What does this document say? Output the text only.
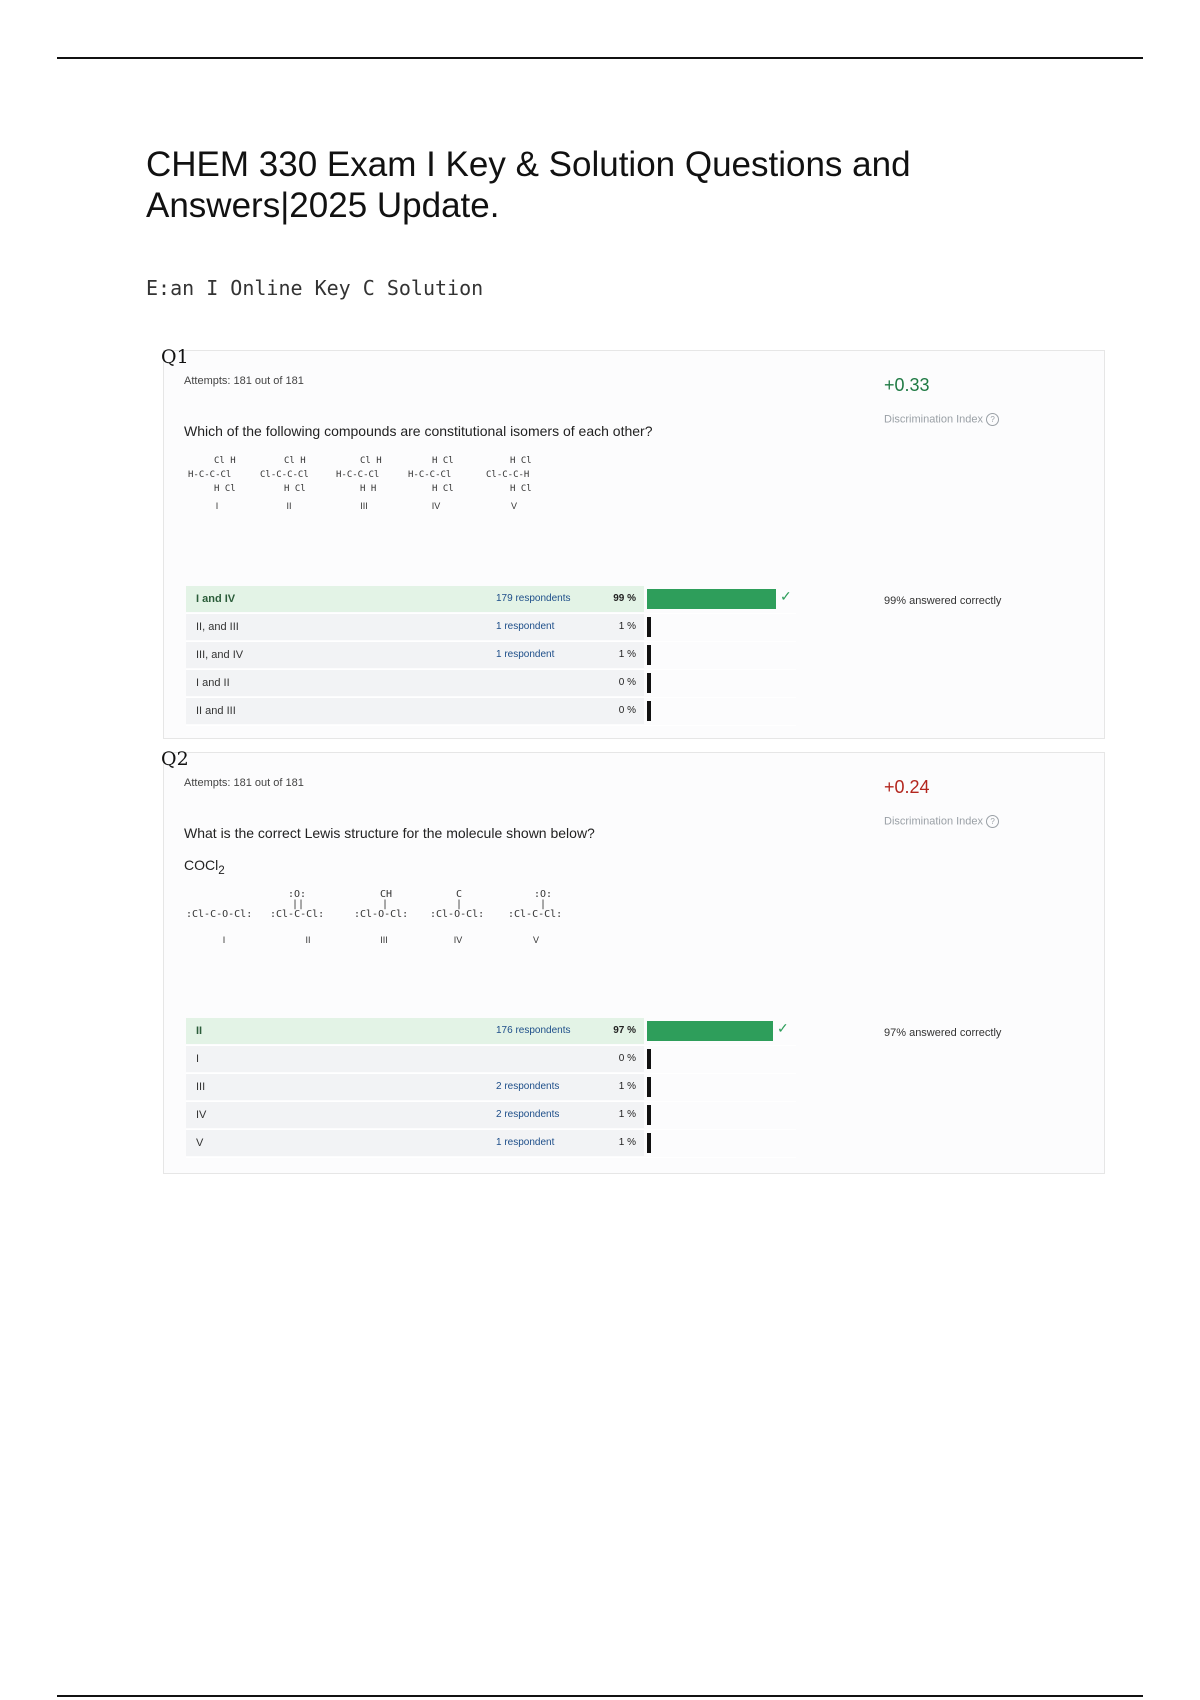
CHEM 330 Exam I Key & Solution Questions and Answers|2025 Update.
E:an I Online Key C Solution
Q1
Attempts: 181 out of 181	+0.33
Discrimination Index ?
Which of the following compounds are constitutional isomers of each other?
Cl H
H-C-C-Cl
H Cl
Cl H
Cl-C-C-Cl
H Cl
Cl H
H-C-C-Cl
H H
H Cl
H-C-C-Cl
H Cl
H Cl
Cl-C-C-H
H Cl
I	II	III	IV	V
99% answered correctly
I and IV	179 respondents	99 %	✓
II, and III	1 respondent	1 %
III, and IV	1 respondent	1 %
I and II	0 %
II and III	0 %
Q2
Attempts: 181 out of 181	+0.24
Discrimination Index ?
What is the correct Lewis structure for the molecule shown below?
COCl$_2$
:Cl-C-O-Cl:
:O:
||
:Cl-C-Cl:
CH
|
:Cl-O-Cl:
C
|
:Cl-O-Cl:
:O:
|
:Cl-C-Cl:
I	II	III	IV	V
97% answered correctly
II	176 respondents	97 %	✓
I	0 %
III	2 respondents	1 %
IV	2 respondents	1 %
V	1 respondent	1 %
